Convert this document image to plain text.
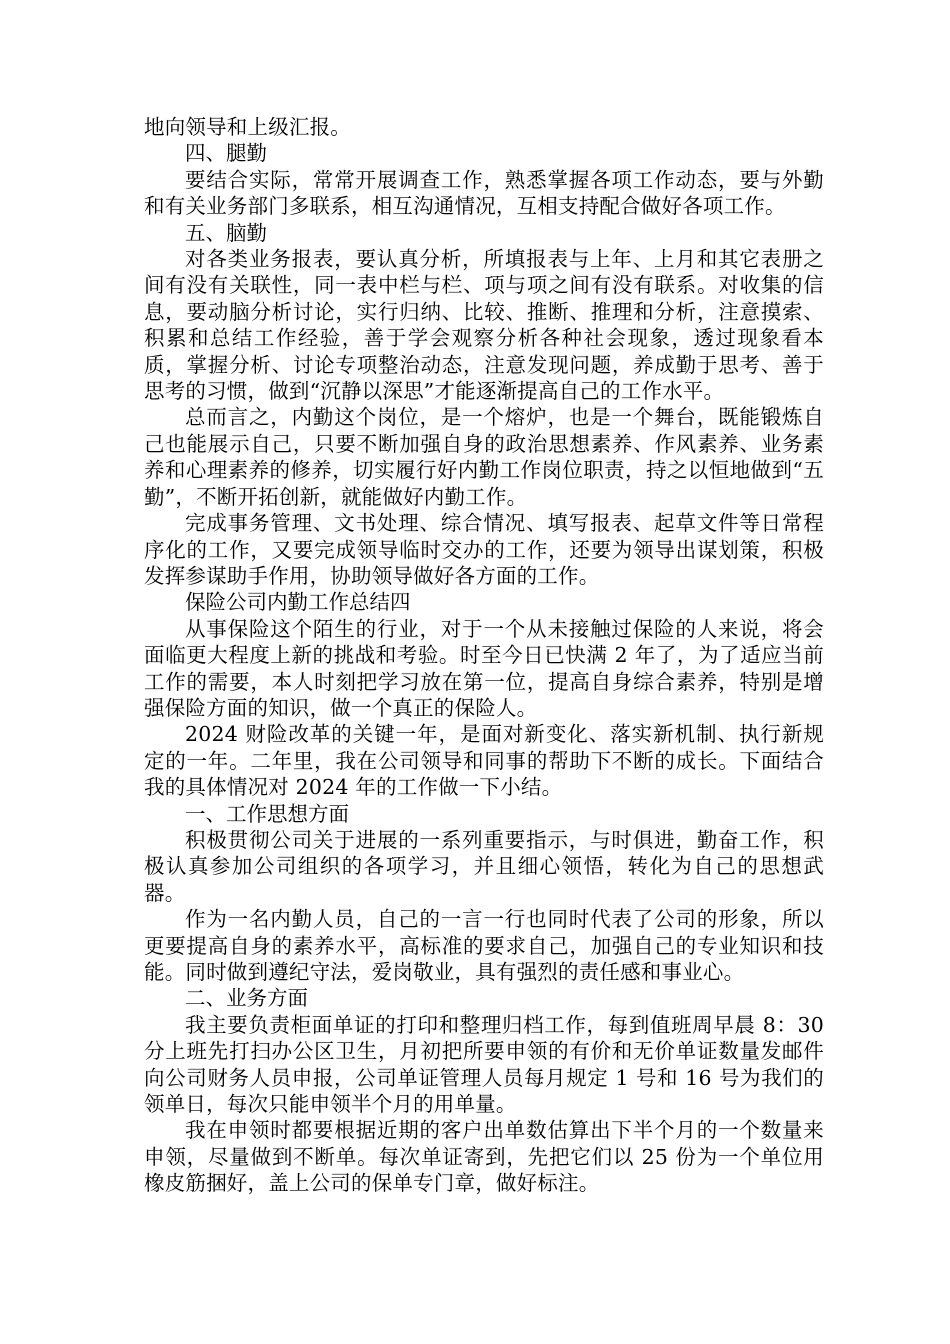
地向领导和上级汇报。

四、腿勤

要结合实际，常常开展调查工作，熟悉掌握各项工作动态，要与外勤和有关业务部门多联系，相互沟通情况，互相支持配合做好各项工作。

五、脑勤

对各类业务报表，要认真分析，所填报表与上年、上月和其它表册之间有没有关联性，同一表中栏与栏、项与项之间有没有联系。对收集的信息，要动脑分析讨论，实行归纳、比较、推断、推理和分析，注意摸索、积累和总结工作经验，善于学会观察分析各种社会现象，透过现象看本质，掌握分析、讨论专项整治动态，注意发现问题，养成勤于思考、善于思考的习惯，做到“沉静以深思”才能逐渐提高自己的工作水平。

总而言之，内勤这个岗位，是一个熔炉，也是一个舞台，既能锻炼自己也能展示自己，只要不断加强自身的政治思想素养、作风素养、业务素养和心理素养的修养，切实履行好内勤工作岗位职责，持之以恒地做到“五勤”，不断开拓创新，就能做好内勤工作。

完成事务管理、文书处理、综合情况、填写报表、起草文件等日常程序化的工作，又要完成领导临时交办的工作，还要为领导出谋划策，积极发挥参谋助手作用，协助领导做好各方面的工作。

保险公司内勤工作总结四

从事保险这个陌生的行业，对于一个从未接触过保险的人来说，将会面临更大程度上新的挑战和考验。时至今日已快满 2 年了，为了适应当前工作的需要，本人时刻把学习放在第一位，提高自身综合素养，特别是增强保险方面的知识，做一个真正的保险人。

2024 财险改革的关键一年，是面对新变化、落实新机制、执行新规定的一年。二年里，我在公司领导和同事的帮助下不断的成长。下面结合我的具体情况对 2024 年的工作做一下小结。

一、工作思想方面

积极贯彻公司关于进展的一系列重要指示，与时俱进，勤奋工作，积极认真参加公司组织的各项学习，并且细心领悟，转化为自己的思想武器。

作为一名内勤人员，自己的一言一行也同时代表了公司的形象，所以更要提高自身的素养水平，高标准的要求自己，加强自己的专业知识和技能。同时做到遵纪守法，爱岗敬业，具有强烈的责任感和事业心。

二、业务方面

我主要负责柜面单证的打印和整理归档工作，每到值班周早晨 8：30 分上班先打扫办公区卫生，月初把所要申领的有价和无价单证数量发邮件向公司财务人员申报，公司单证管理人员每月规定 1 号和 16 号为我们的领单日，每次只能申领半个月的用单量。

我在申领时都要根据近期的客户出单数估算出下半个月的一个数量来申领，尽量做到不断单。每次单证寄到，先把它们以 25 份为一个单位用橡皮筋捆好，盖上公司的保单专门章，做好标注。
